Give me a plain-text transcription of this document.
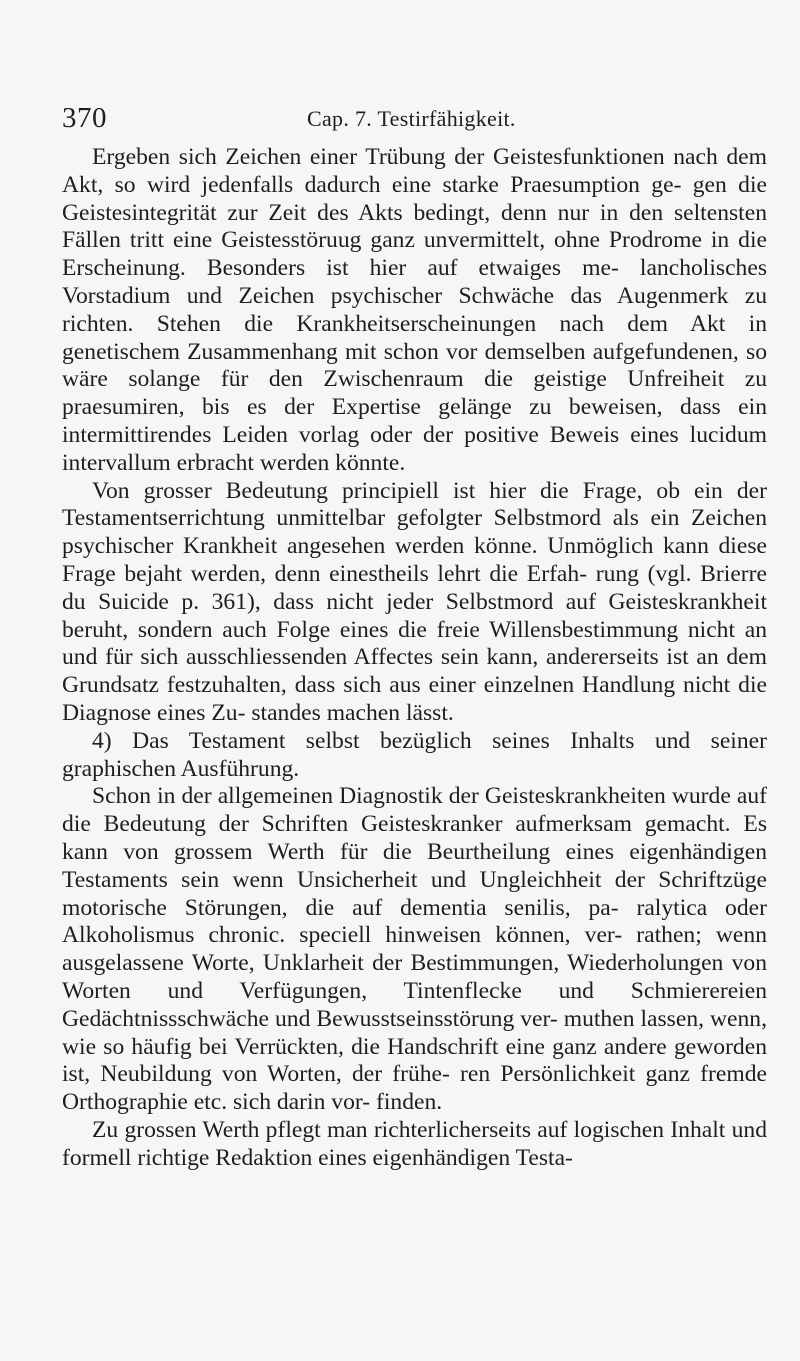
370	Cap. 7. Testirfähigkeit.

Ergeben sich Zeichen einer Trübung der Geistesfunktionen nach dem Akt, so wird jedenfalls dadurch eine starke Praesumption ge- gen die Geistesintegrität zur Zeit des Akts bedingt, denn nur in den seltensten Fällen tritt eine Geistesstöruug ganz unvermittelt, ohne Prodrome in die Erscheinung. Besonders ist hier auf etwaiges me- lancholisches Vorstadium und Zeichen psychischer Schwäche das Augenmerk zu richten. Stehen die Krankheitserscheinungen nach dem Akt in genetischem Zusammenhang mit schon vor demselben aufgefundenen, so wäre solange für den Zwischenraum die geistige Unfreiheit zu praesumiren, bis es der Expertise gelänge zu beweisen, dass ein intermittirendes Leiden vorlag oder der positive Beweis eines lucidum intervallum erbracht werden könnte.

Von grosser Bedeutung principiell ist hier die Frage, ob ein der Testamentserrichtung unmittelbar gefolgter Selbstmord als ein Zeichen psychischer Krankheit angesehen werden könne. Unmöglich kann diese Frage bejaht werden, denn einestheils lehrt die Erfah- rung (vgl. Brierre du Suicide p. 361), dass nicht jeder Selbstmord auf Geisteskrankheit beruht, sondern auch Folge eines die freie Willensbestimmung nicht an und für sich ausschliessenden Affectes sein kann, andererseits ist an dem Grundsatz festzuhalten, dass sich aus einer einzelnen Handlung nicht die Diagnose eines Zu- standes machen lässt.

4) Das Testament selbst bezüglich seines Inhalts und seiner graphischen Ausführung.

Schon in der allgemeinen Diagnostik der Geisteskrankheiten wurde auf die Bedeutung der Schriften Geisteskranker aufmerksam gemacht. Es kann von grossem Werth für die Beurtheilung eines eigenhändigen Testaments sein wenn Unsicherheit und Ungleichheit der Schriftzüge motorische Störungen, die auf dementia senilis, pa- ralytica oder Alkoholismus chronic. speciell hinweisen können, ver- rathen; wenn ausgelassene Worte, Unklarheit der Bestimmungen, Wiederholungen von Worten und Verfügungen, Tintenflecke und Schmierereien Gedächtnissschwäche und Bewusstseinsstörung ver- muthen lassen, wenn, wie so häufig bei Verrückten, die Handschrift eine ganz andere geworden ist, Neubildung von Worten, der frühe- ren Persönlichkeit ganz fremde Orthographie etc. sich darin vor- finden.

Zu grossen Werth pflegt man richterlicherseits auf logischen Inhalt und formell richtige Redaktion eines eigenhändigen Testa-
